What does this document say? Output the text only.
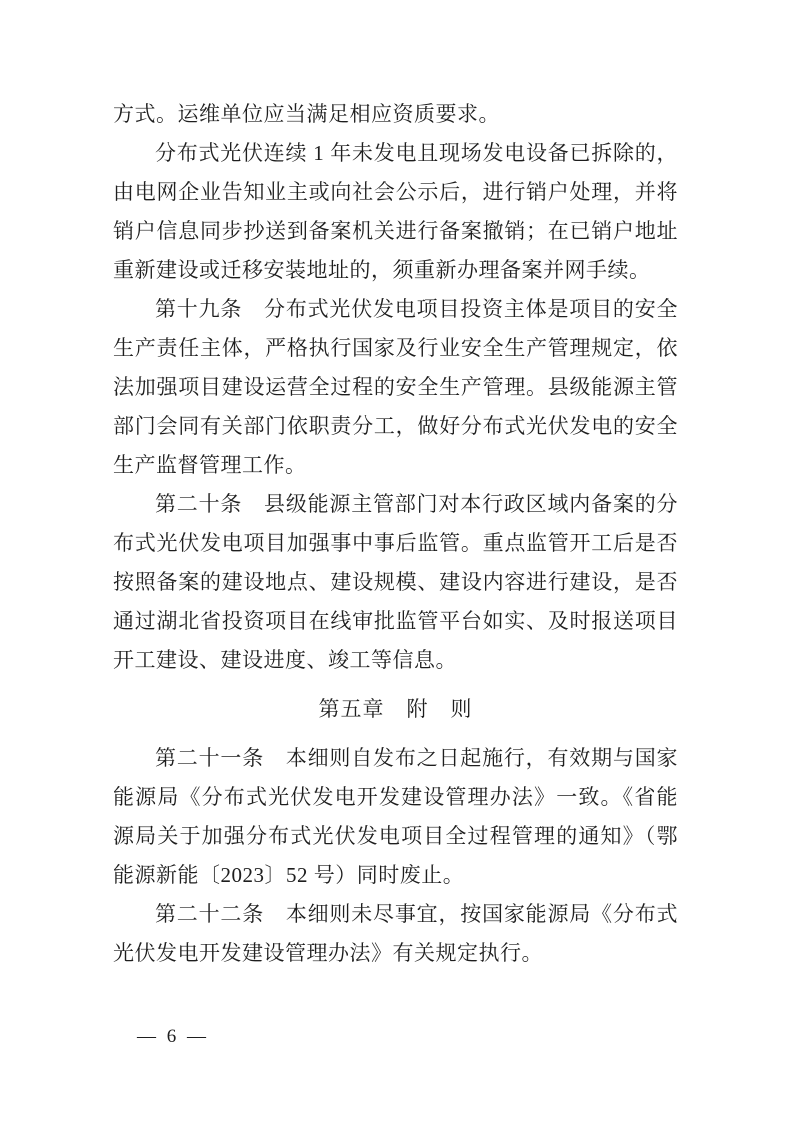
方式。运维单位应当满足相应资质要求。

分布式光伏连续 1 年未发电且现场发电设备已拆除的，由电网企业告知业主或向社会公示后，进行销户处理，并将销户信息同步抄送到备案机关进行备案撤销；在已销户地址重新建设或迁移安装地址的，须重新办理备案并网手续。

第十九条　分布式光伏发电项目投资主体是项目的安全生产责任主体，严格执行国家及行业安全生产管理规定，依法加强项目建设运营全过程的安全生产管理。县级能源主管部门会同有关部门依职责分工，做好分布式光伏发电的安全生产监督管理工作。

第二十条　县级能源主管部门对本行政区域内备案的分布式光伏发电项目加强事中事后监管。重点监管开工后是否按照备案的建设地点、建设规模、建设内容进行建设，是否通过湖北省投资项目在线审批监管平台如实、及时报送项目开工建设、建设进度、竣工等信息。

第五章　附　则

第二十一条　本细则自发布之日起施行，有效期与国家能源局《分布式光伏发电开发建设管理办法》一致。《省能源局关于加强分布式光伏发电项目全过程管理的通知》（鄂能源新能〔2023〕52 号）同时废止。

第二十二条　本细则未尽事宜，按国家能源局《分布式光伏发电开发建设管理办法》有关规定执行。

— 6 —
